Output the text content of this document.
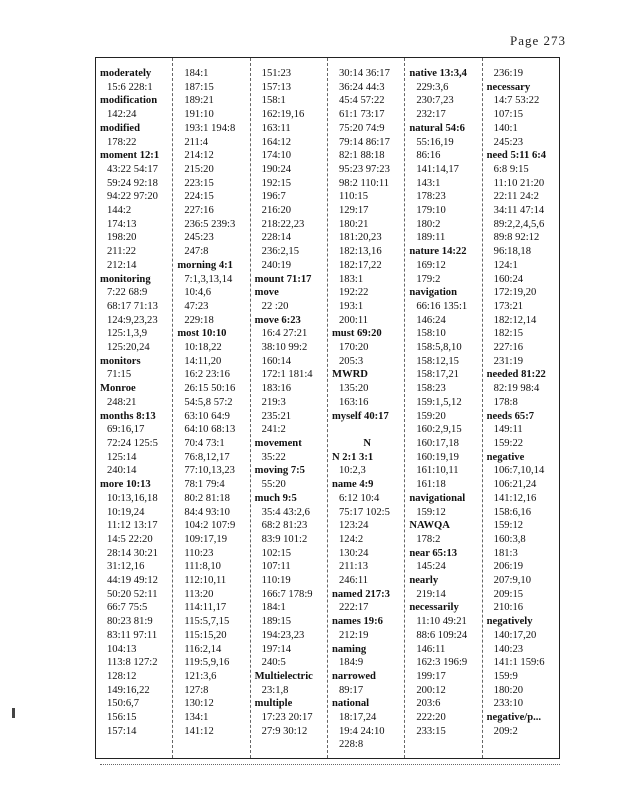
Page 273
moderately
15:6 228:1
modification
142:24
modified
178:22
moment 12:1
43:22 54:17
59:24 92:18
94:22 97:20
144:2
174:13
198:20
211:22
212:14
monitoring
7:22 68:9
68:17 71:13
124:9,23,23
125:1,3,9
125:20,24
monitors
71:15
Monroe
248:21
months 8:13
69:16,17
72:24 125:5
125:14
240:14
more 10:13
10:13,16,18
10:19,24
11:12 13:17
14:5 22:20
28:14 30:21
31:12,16
44:19 49:12
50:20 52:11
66:7 75:5
80:23 81:9
83:11 97:11
104:13
113:8 127:2
128:12
149:16,22
150:6,7
156:15
157:14
184:1
187:15
189:21
191:10
193:1 194:8
211:4
214:12
215:20
223:15
224:15
227:16
236:5 239:3
245:23
247:8
morning 4:1
7:1,3,13,14
10:4,6
47:23
229:18
most 10:10
10:18,22
14:11,20
16:2 23:16
26:15 50:16
54:5,8 57:2
63:10 64:9
64:10 68:13
70:4 73:1
76:8,12,17
77:10,13,23
78:1 79:4
80:2 81:18
84:4 93:10
104:2 107:9
109:17,19
110:23
111:8,10
112:10,11
113:20
114:11,17
115:5,7,15
115:15,20
116:2,14
119:5,9,16
121:3,6
127:8
130:12
134:1
141:12
151:23
157:13
158:1
162:19,16
163:11
164:12
174:10
190:24
192:15
196:7
216:20
218:22,23
228:14
236:2,15
240:19
mount 71:17
move
22 :20
move 6:23
16:4 27:21
38:10 99:2
160:14
172:1 181:4
183:16
219:3
235:21
241:2
movement
35:22
moving 7:5
55:20
much 9:5
35:4 43:2,6
68:2 81:23
83:9 101:2
102:15
107:11
110:19
166:7 178:9
184:1
189:15
194:23,23
197:14
240:5
Multielectric
23:1,8
multiple
17:23 20:17
27:9 30:12
30:14 36:17
36:24 44:3
45:4 57:22
61:1 73:17
75:20 74:9
79:14 86:17
82:1 88:18
95:23 97:23
98:2 110:11
110:15
129:17
180:21
181:20,23
182:13,16
182:17,22
183:1
192:22
193:1
200:11
must 69:20
170:20
205:3
MWRD
135:20
163:16
myself 40:17

N
N 2:1 3:1
10:2,3
name 4:9
6:12 10:4
75:17 102:5
123:24
124:2
130:24
211:13
246:11
named 217:3
222:17
names 19:6
212:19
naming
184:9
narrowed
89:17
national
18:17,24
19:4 24:10
228:8
native 13:3,4
229:3,6
230:7,23
232:17
natural 54:6
55:16,19
86:16
141:14,17
143:1
178:23
179:10
180:2
189:11
nature 14:22
169:12
179:2
navigation
66:16 135:1
146:24
158:10
158:5,8,10
158:12,15
158:17,21
158:23
159:1,5,12
159:20
160:2,9,15
160:17,18
160:19,19
161:10,11
161:18
navigational
159:12
NAWQA
178:2
near 65:13
145:24
nearly
219:14
necessarily
11:10 49:21
88:6 109:24
146:11
162:3 196:9
199:17
200:12
203:6
222:20
233:15
236:19
necessary
14:7 53:22
107:15
140:1
245:23
need 5:11 6:4
6:8 9:15
11:10 21:20
22:11 24:2
34:11 47:14
89:2,2,4,5,6
89:8 92:12
96:18,18
124:1
160:24
172:19,20
173:21
182:12,14
182:15
227:16
231:19
needed 81:22
82:19 98:4
178:8
needs 65:7
149:11
159:22
negative
106:7,10,14
106:21,24
141:12,16
158:6,16
159:12
160:3,8
181:3
206:19
207:9,10
209:15
210:16
negatively
140:17,20
140:23
141:1 159:6
159:9
180:20
233:10
negative/p...
209:2
